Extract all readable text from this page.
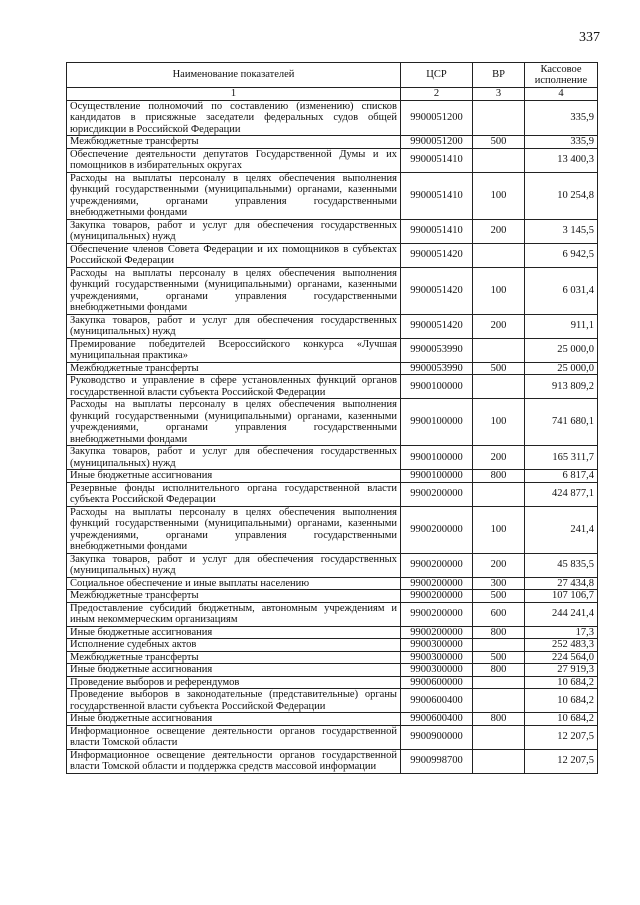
337
Наименование показателей	ЦСР	ВР	Кассовое исполнение
1	2	3	4
Осуществление полномочий по составлению (изменению) списков кандидатов в присяжные заседатели федеральных судов общей юрисдикции в Российской Федерации	9900051200		335,9
Межбюджетные трансферты	9900051200	500	335,9
Обеспечение деятельности депутатов Государственной Думы и их помощников в избирательных округах	9900051410		13 400,3
Расходы на выплаты персоналу в целях обеспечения выполнения функций государственными (муниципальными) органами, казенными учреждениями, органами управления государственными внебюджетными фондами	9900051410	100	10 254,8
Закупка товаров, работ и услуг для обеспечения государственных (муниципальных) нужд	9900051410	200	3 145,5
Обеспечение членов Совета Федерации и их помощников в субъектах Российской Федерации	9900051420		6 942,5
Расходы на выплаты персоналу в целях обеспечения выполнения функций государственными (муниципальными) органами, казенными учреждениями, органами управления государственными внебюджетными фондами	9900051420	100	6 031,4
Закупка товаров, работ и услуг для обеспечения государственных (муниципальных) нужд	9900051420	200	911,1
Премирование победителей Всероссийского конкурса «Лучшая муниципальная практика»	9900053990		25 000,0
Межбюджетные трансферты	9900053990	500	25 000,0
Руководство и управление в сфере установленных функций органов государственной власти субъекта Российской Федерации	9900100000		913 809,2
Расходы на выплаты персоналу в целях обеспечения выполнения функций государственными (муниципальными) органами, казенными учреждениями, органами управления государственными внебюджетными фондами	9900100000	100	741 680,1
Закупка товаров, работ и услуг для обеспечения государственных (муниципальных) нужд	9900100000	200	165 311,7
Иные бюджетные ассигнования	9900100000	800	6 817,4
Резервные фонды исполнительного органа государственной власти субъекта Российской Федерации	9900200000		424 877,1
Расходы на выплаты персоналу в целях обеспечения выполнения функций государственными (муниципальными) органами, казенными учреждениями, органами управления государственными внебюджетными фондами	9900200000	100	241,4
Закупка товаров, работ и услуг для обеспечения государственных (муниципальных) нужд	9900200000	200	45 835,5
Социальное обеспечение и иные выплаты населению	9900200000	300	27 434,8
Межбюджетные трансферты	9900200000	500	107 106,7
Предоставление субсидий бюджетным, автономным учреждениям и иным некоммерческим организациям	9900200000	600	244 241,4
Иные бюджетные ассигнования	9900200000	800	17,3
Исполнение судебных актов	9900300000		252 483,3
Межбюджетные трансферты	9900300000	500	224 564,0
Иные бюджетные ассигнования	9900300000	800	27 919,3
Проведение выборов и референдумов	9900600000		10 684,2
Проведение выборов в законодательные (представительные) органы государственной власти субъекта Российской Федерации	9900600400		10 684,2
Иные бюджетные ассигнования	9900600400	800	10 684,2
Информационное освещение деятельности органов государственной власти Томской области	9900900000		12 207,5
Информационное освещение деятельности органов государственной власти Томской области и поддержка средств массовой информации	9900998700		12 207,5
